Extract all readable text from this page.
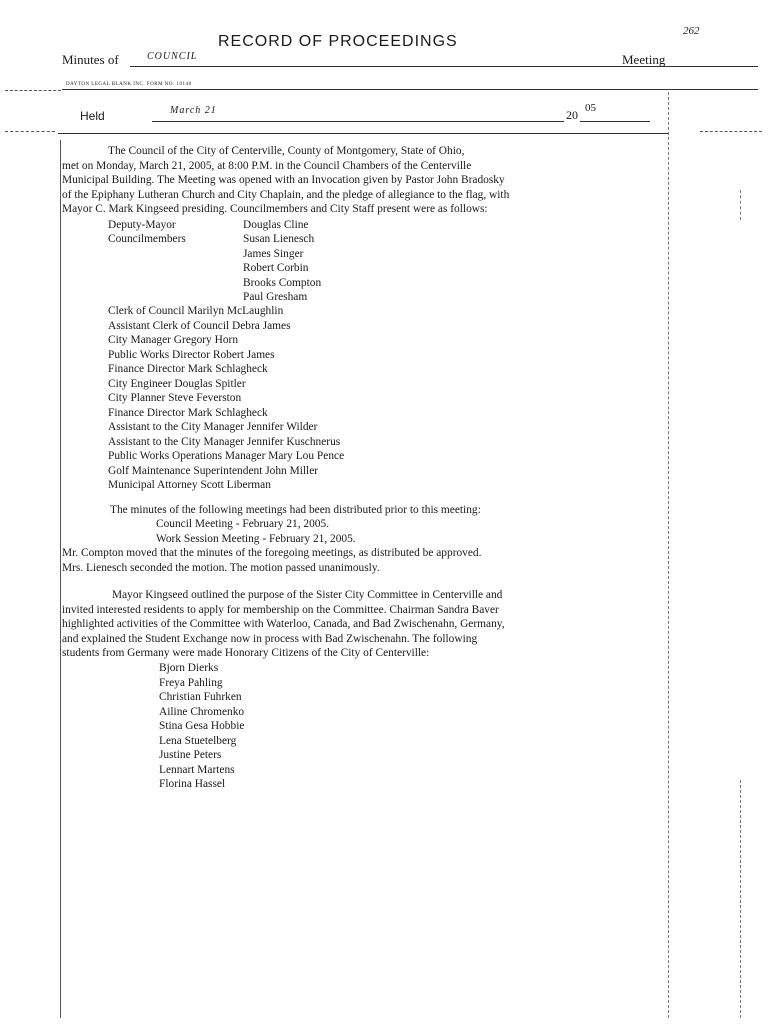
262
RECORD OF PROCEEDINGS
Minutes of	COUNCIL	Meeting
DAYTON LEGAL BLANK INC. FORM NO. 10148
Held	March 21	20 05
The Council of the City of Centerville, County of Montgomery, State of Ohio,
met on Monday, March 21, 2005, at 8:00 P.M. in the Council Chambers of the Centerville
Municipal Building. The Meeting was opened with an Invocation given by Pastor John Bradosky
of the Epiphany Lutheran Church and City Chaplain, and the pledge of allegiance to the flag, with
Mayor C. Mark Kingseed presiding. Councilmembers and City Staff present were as follows:
Deputy-Mayor	Douglas Cline
Councilmembers	Susan Lienesch
James Singer
Robert Corbin
Brooks Compton
Paul Gresham
Clerk of Council Marilyn McLaughlin
Assistant Clerk of Council Debra James
City Manager Gregory Horn
Public Works Director Robert James
Finance Director Mark Schlagheck
City Engineer Douglas Spitler
City Planner Steve Feverston
Finance Director Mark Schlagheck
Assistant to the City Manager Jennifer Wilder
Assistant to the City Manager Jennifer Kuschnerus
Public Works Operations Manager Mary Lou Pence
Golf Maintenance Superintendent John Miller
Municipal Attorney Scott Liberman
The minutes of the following meetings had been distributed prior to this meeting:
Council Meeting - February 21, 2005.
Work Session Meeting - February 21, 2005.
Mr. Compton moved that the minutes of the foregoing meetings, as distributed be approved.
Mrs. Lienesch seconded the motion. The motion passed unanimously.
Mayor Kingseed outlined the purpose of the Sister City Committee in Centerville and
invited interested residents to apply for membership on the Committee. Chairman Sandra Baver
highlighted activities of the Committee with Waterloo, Canada, and Bad Zwischenahn, Germany,
and explained the Student Exchange now in process with Bad Zwischenahn. The following
students from Germany were made Honorary Citizens of the City of Centerville:
Bjorn Dierks
Freya Pahling
Christian Fuhrken
Ailine Chromenko
Stina Gesa Hobbie
Lena Stuetelberg
Justine Peters
Lennart Martens
Florina Hassel
